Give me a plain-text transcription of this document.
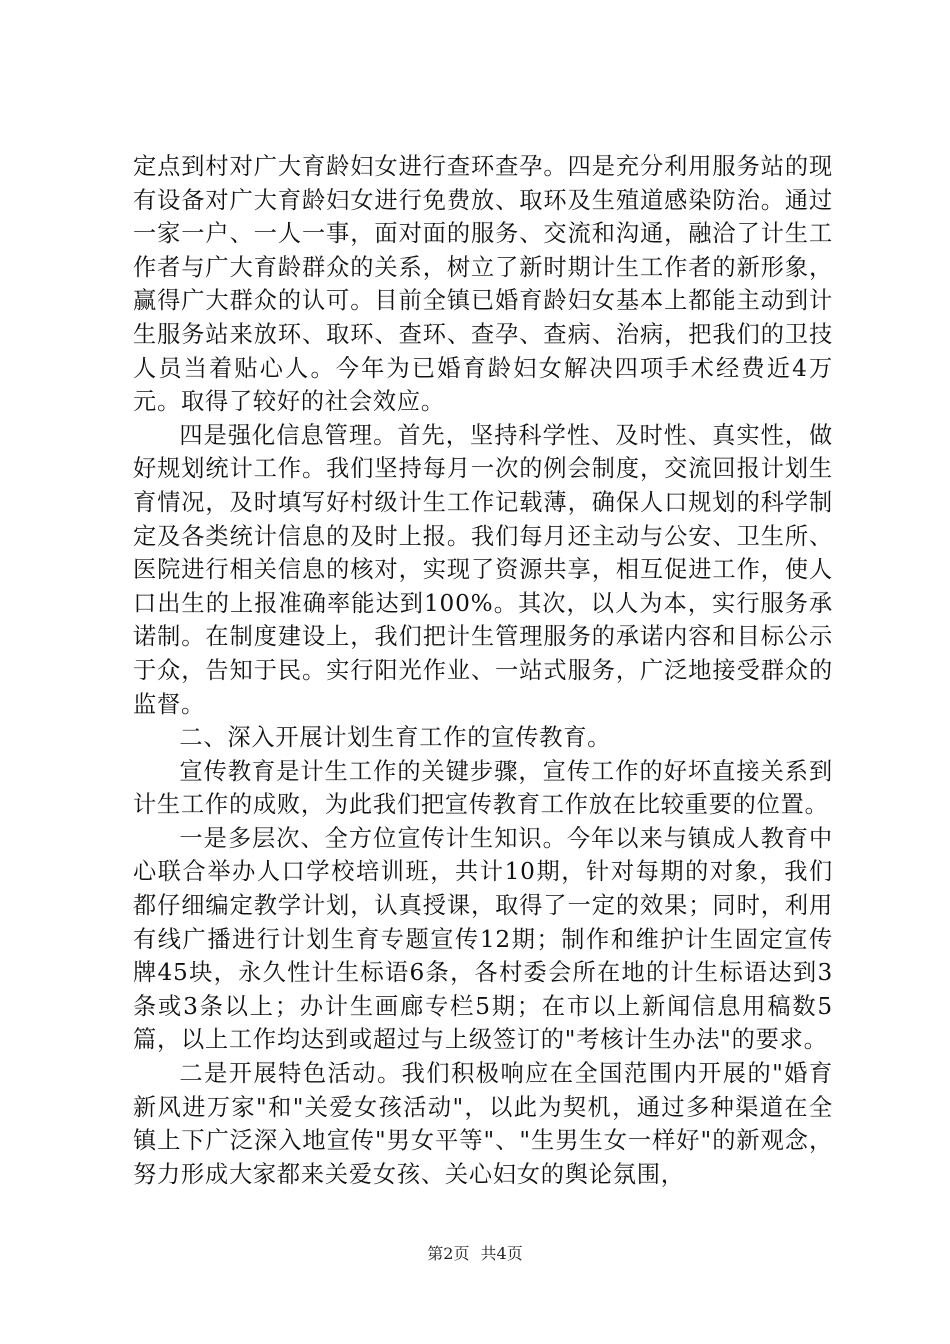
定点到村对广大育龄妇女进行查环查孕。四是充分利用服务站的现有设备对广大育龄妇女进行免费放、取环及生殖道感染防治。通过一家一户、一人一事，面对面的服务、交流和沟通，融洽了计生工作者与广大育龄群众的关系，树立了新时期计生工作者的新形象，赢得广大群众的认可。目前全镇已婚育龄妇女基本上都能主动到计生服务站来放环、取环、查环、查孕、查病、治病，把我们的卫技人员当着贴心人。今年为已婚育龄妇女解决四项手术经费近4万元。取得了较好的社会效应。

四是强化信息管理。首先，坚持科学性、及时性、真实性，做好规划统计工作。我们坚持每月一次的例会制度，交流回报计划生育情况，及时填写好村级计生工作记载薄，确保人口规划的科学制定及各类统计信息的及时上报。我们每月还主动与公安、卫生所、医院进行相关信息的核对，实现了资源共享，相互促进工作，使人口出生的上报准确率能达到100%。其次，以人为本，实行服务承诺制。在制度建设上，我们把计生管理服务的承诺内容和目标公示于众，告知于民。实行阳光作业、一站式服务，广泛地接受群众的监督。

二、深入开展计划生育工作的宣传教育。

宣传教育是计生工作的关键步骤，宣传工作的好坏直接关系到计生工作的成败，为此我们把宣传教育工作放在比较重要的位置。

一是多层次、全方位宣传计生知识。今年以来与镇成人教育中心联合举办人口学校培训班，共计10期，针对每期的对象，我们都仔细编定教学计划，认真授课，取得了一定的效果；同时，利用有线广播进行计划生育专题宣传12期；制作和维护计生固定宣传牌45块，永久性计生标语6条，各村委会所在地的计生标语达到3条或3条以上；办计生画廊专栏5期；在市以上新闻信息用稿数5篇，以上工作均达到或超过与上级签订的"考核计生办法"的要求。

二是开展特色活动。我们积极响应在全国范围内开展的"婚育新风进万家"和"关爱女孩活动"，以此为契机，通过多种渠道在全镇上下广泛深入地宣传"男女平等"、"生男生女一样好"的新观念，努力形成大家都来关爱女孩、关心妇女的舆论氛围，

第2页 共4页
